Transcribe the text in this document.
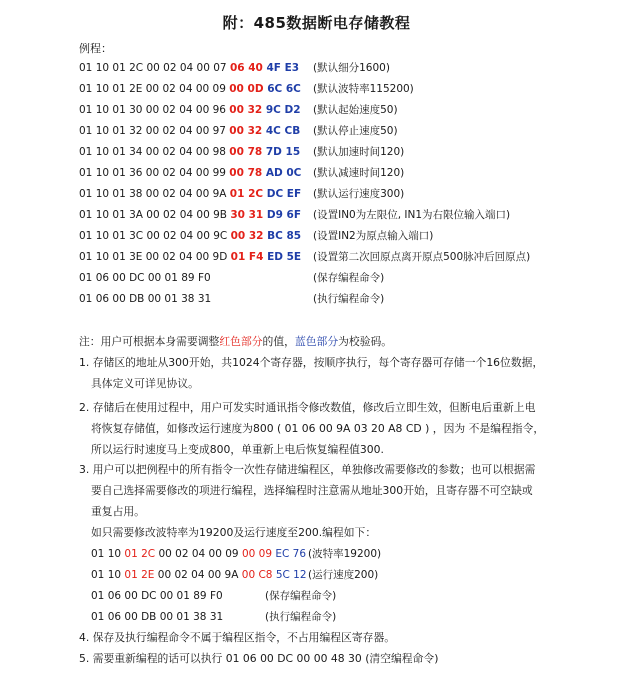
附：485数据断电存储教程
例程：
01 10 01 2C 00 02 04 00 07 06 40 4F E3 (默认细分1600)
01 10 01 2E 00 02 04 00 09 00 0D 6C 6C (默认波特率115200)
01 10 01 30 00 02 04 00 96 00 32 9C D2 (默认起始速度50)
01 10 01 32 00 02 04 00 97 00 32 4C CB (默认停止速度50)
01 10 01 34 00 02 04 00 98 00 78 7D 15 (默认加速时间120)
01 10 01 36 00 02 04 00 99 00 78 AD 0C (默认减速时间120)
01 10 01 38 00 02 04 00 9A 01 2C DC EF (默认运行速度300)
01 10 01 3A 00 02 04 00 9B 30 31 D9 6F (设置IN0为左限位, IN1为右限位输入端口)
01 10 01 3C 00 02 04 00 9C 00 32 BC 85 (设置IN2为原点输入端口)
01 10 01 3E 00 02 04 00 9D 01 F4 ED 5E (设置第二次回原点离开原点500脉冲后回原点)
01 06 00 DC 00 01 89 F0	(保存编程命令)
01 06 00 DB 00 01 38 31	(执行编程命令)
注：用户可根据本身需要调整红色部分的值，蓝色部分为校验码。
1. 存储区的地址从300开始，共1024个寄存器，按顺序执行，每个寄存器可存储一个16位数据，
具体定义可详见协议。
2. 存储后在使用过程中，用户可发实时通讯指令修改数值，修改后立即生效，但断电后重新上电
将恢复存储值，如修改运行速度为800 ( 01 06 00 9A 03 20 A8 CD ) ，因为 不是编程指令，
所以运行时速度马上变成800，单重新上电后恢复编程值300.
3. 用户可以把例程中的所有指令一次性存储进编程区，单独修改需要修改的参数；也可以根据需
要自己选择需要修改的项进行编程，选择编程时注意需从地址300开始，且寄存器不可空缺或
重复占用。
如只需要修改波特率为19200及运行速度至200.编程如下：
01 10 01 2C 00 02 04 00 09 00 09 EC 76 (波特率19200)
01 10 01 2E 00 02 04 00 9A 00 C8 5C 12 (运行速度200)
01 06 00 DC 00 01 89 F0	(保存编程命令)
01 06 00 DB 00 01 38 31	(执行编程命令)
4. 保存及执行编程命令不属于编程区指令，不占用编程区寄存器。
5. 需要重新编程的话可以执行 01 06 00 DC 00 00 48 30 (清空编程命令)
